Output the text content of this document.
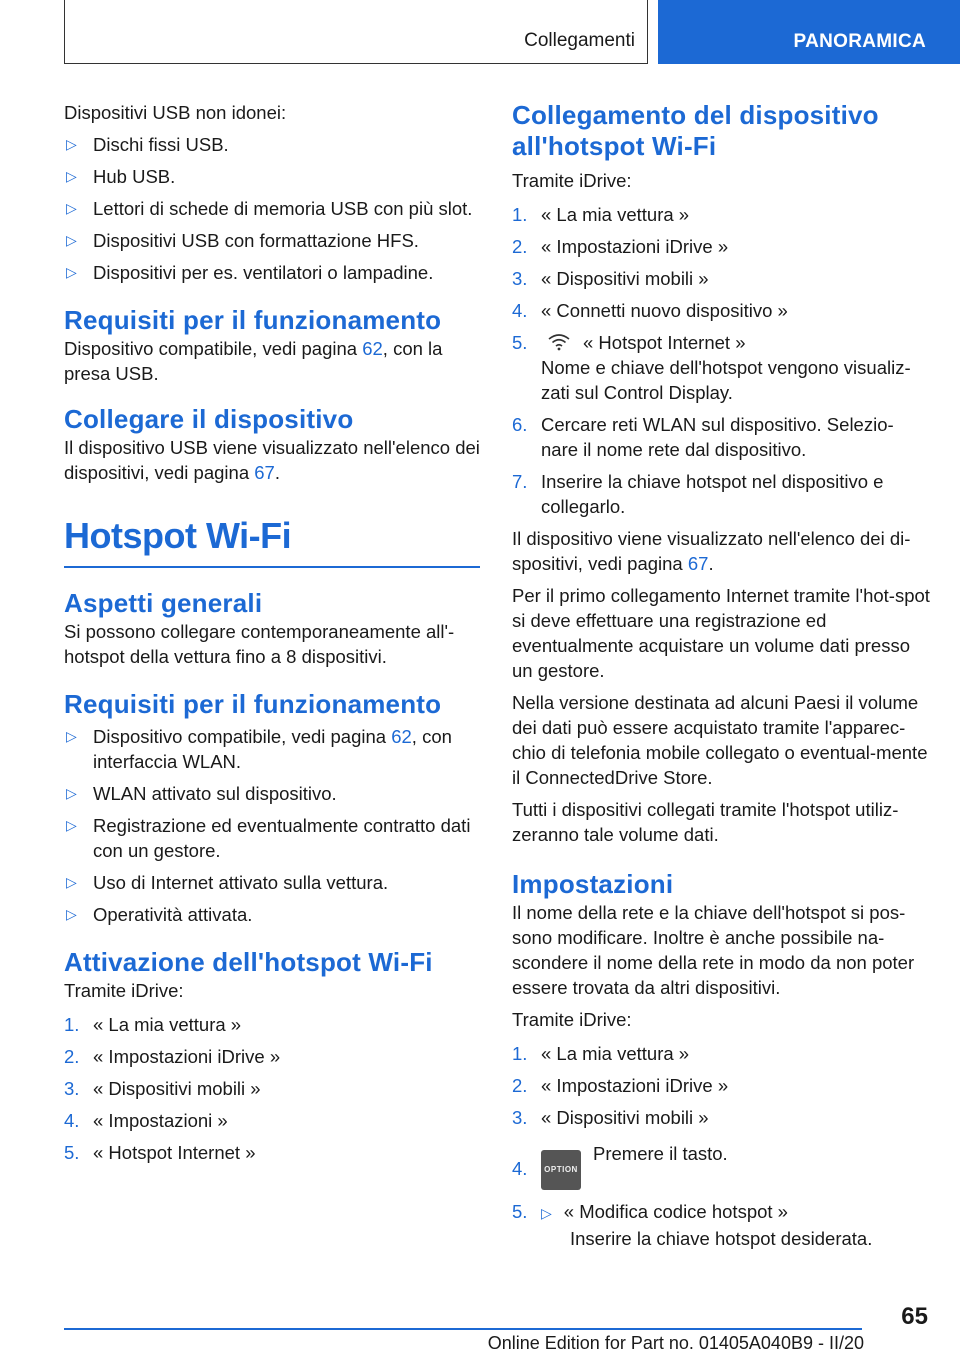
Collegamenti	PANORAMICA

Dispositivi USB non idonei:

▷ Dischi fissi USB.
▷ Hub USB.
▷ Lettori di schede di memoria USB con più slot.
▷ Dispositivi USB con formattazione HFS.
▷ Dispositivi per es. ventilatori o lampadine.
Requisiti per il funzionamento

Dispositivo compatibile, vedi pagina 62, con la presa USB.

Collegare il dispositivo

Il dispositivo USB viene visualizzato nell'elenco dei dispositivi, vedi pagina 67.

Hotspot Wi-Fi
Aspetti generali

Si possono collegare contemporaneamente all'-hotspot della vettura fino a 8 dispositivi.

Requisiti per il funzionamento
▷ Dispositivo compatibile, vedi pagina 62, con interfaccia WLAN.
▷ WLAN attivato sul dispositivo.
▷ Registrazione ed eventualmente contratto dati con un gestore.
▷ Uso di Internet attivato sulla vettura.
▷ Operatività attivata.
Attivazione dell'hotspot Wi-Fi

Tramite iDrive:

1. « La mia vettura »
2. « Impostazioni iDrive »
3. « Dispositivi mobili »
4. « Impostazioni »
5. « Hotspot Internet »
Collegamento del dispositivo all'hotspot Wi-Fi

Tramite iDrive:

1. « La mia vettura »
2. « Impostazioni iDrive »
3. « Dispositivi mobili »
4. « Connetti nuovo dispositivo »
5.	« Hotspot Internet »
Nome e chiave dell'hotspot vengono visualiz-zati sul Control Display.
6. Cercare reti WLAN sul dispositivo. Selezio-nare il nome rete dal dispositivo.
7. Inserire la chiave hotspot nel dispositivo e collegarlo.

Il dispositivo viene visualizzato nell'elenco dei di-spositivi, vedi pagina 67.

Per il primo collegamento Internet tramite l'hot-spot si deve effettuare una registrazione ed eventualmente acquistare un volume dati presso un gestore.

Nella versione destinata ad alcuni Paesi il volume dei dati può essere acquistato tramite l'apparec-chio di telefonia mobile collegato o eventual-mente il ConnectedDrive Store.

Tutti i dispositivi collegati tramite l'hotspot utiliz-zeranno tale volume dati.

Impostazioni

Il nome della rete e la chiave dell'hotspot si pos-sono modificare. Inoltre è anche possibile na-scondere il nome della rete in modo da non poter essere trovata da altri dispositivi.

Tramite iDrive:

1. « La mia vettura »
2. « Impostazioni iDrive »
3. « Dispositivi mobili »
4. OPTIONPremere il tasto.
5. ▷ « Modifica codice hotspot »
Inserire la chiave hotspot desiderata.
65
Online Edition for Part no. 01405A040B9 - II/20
